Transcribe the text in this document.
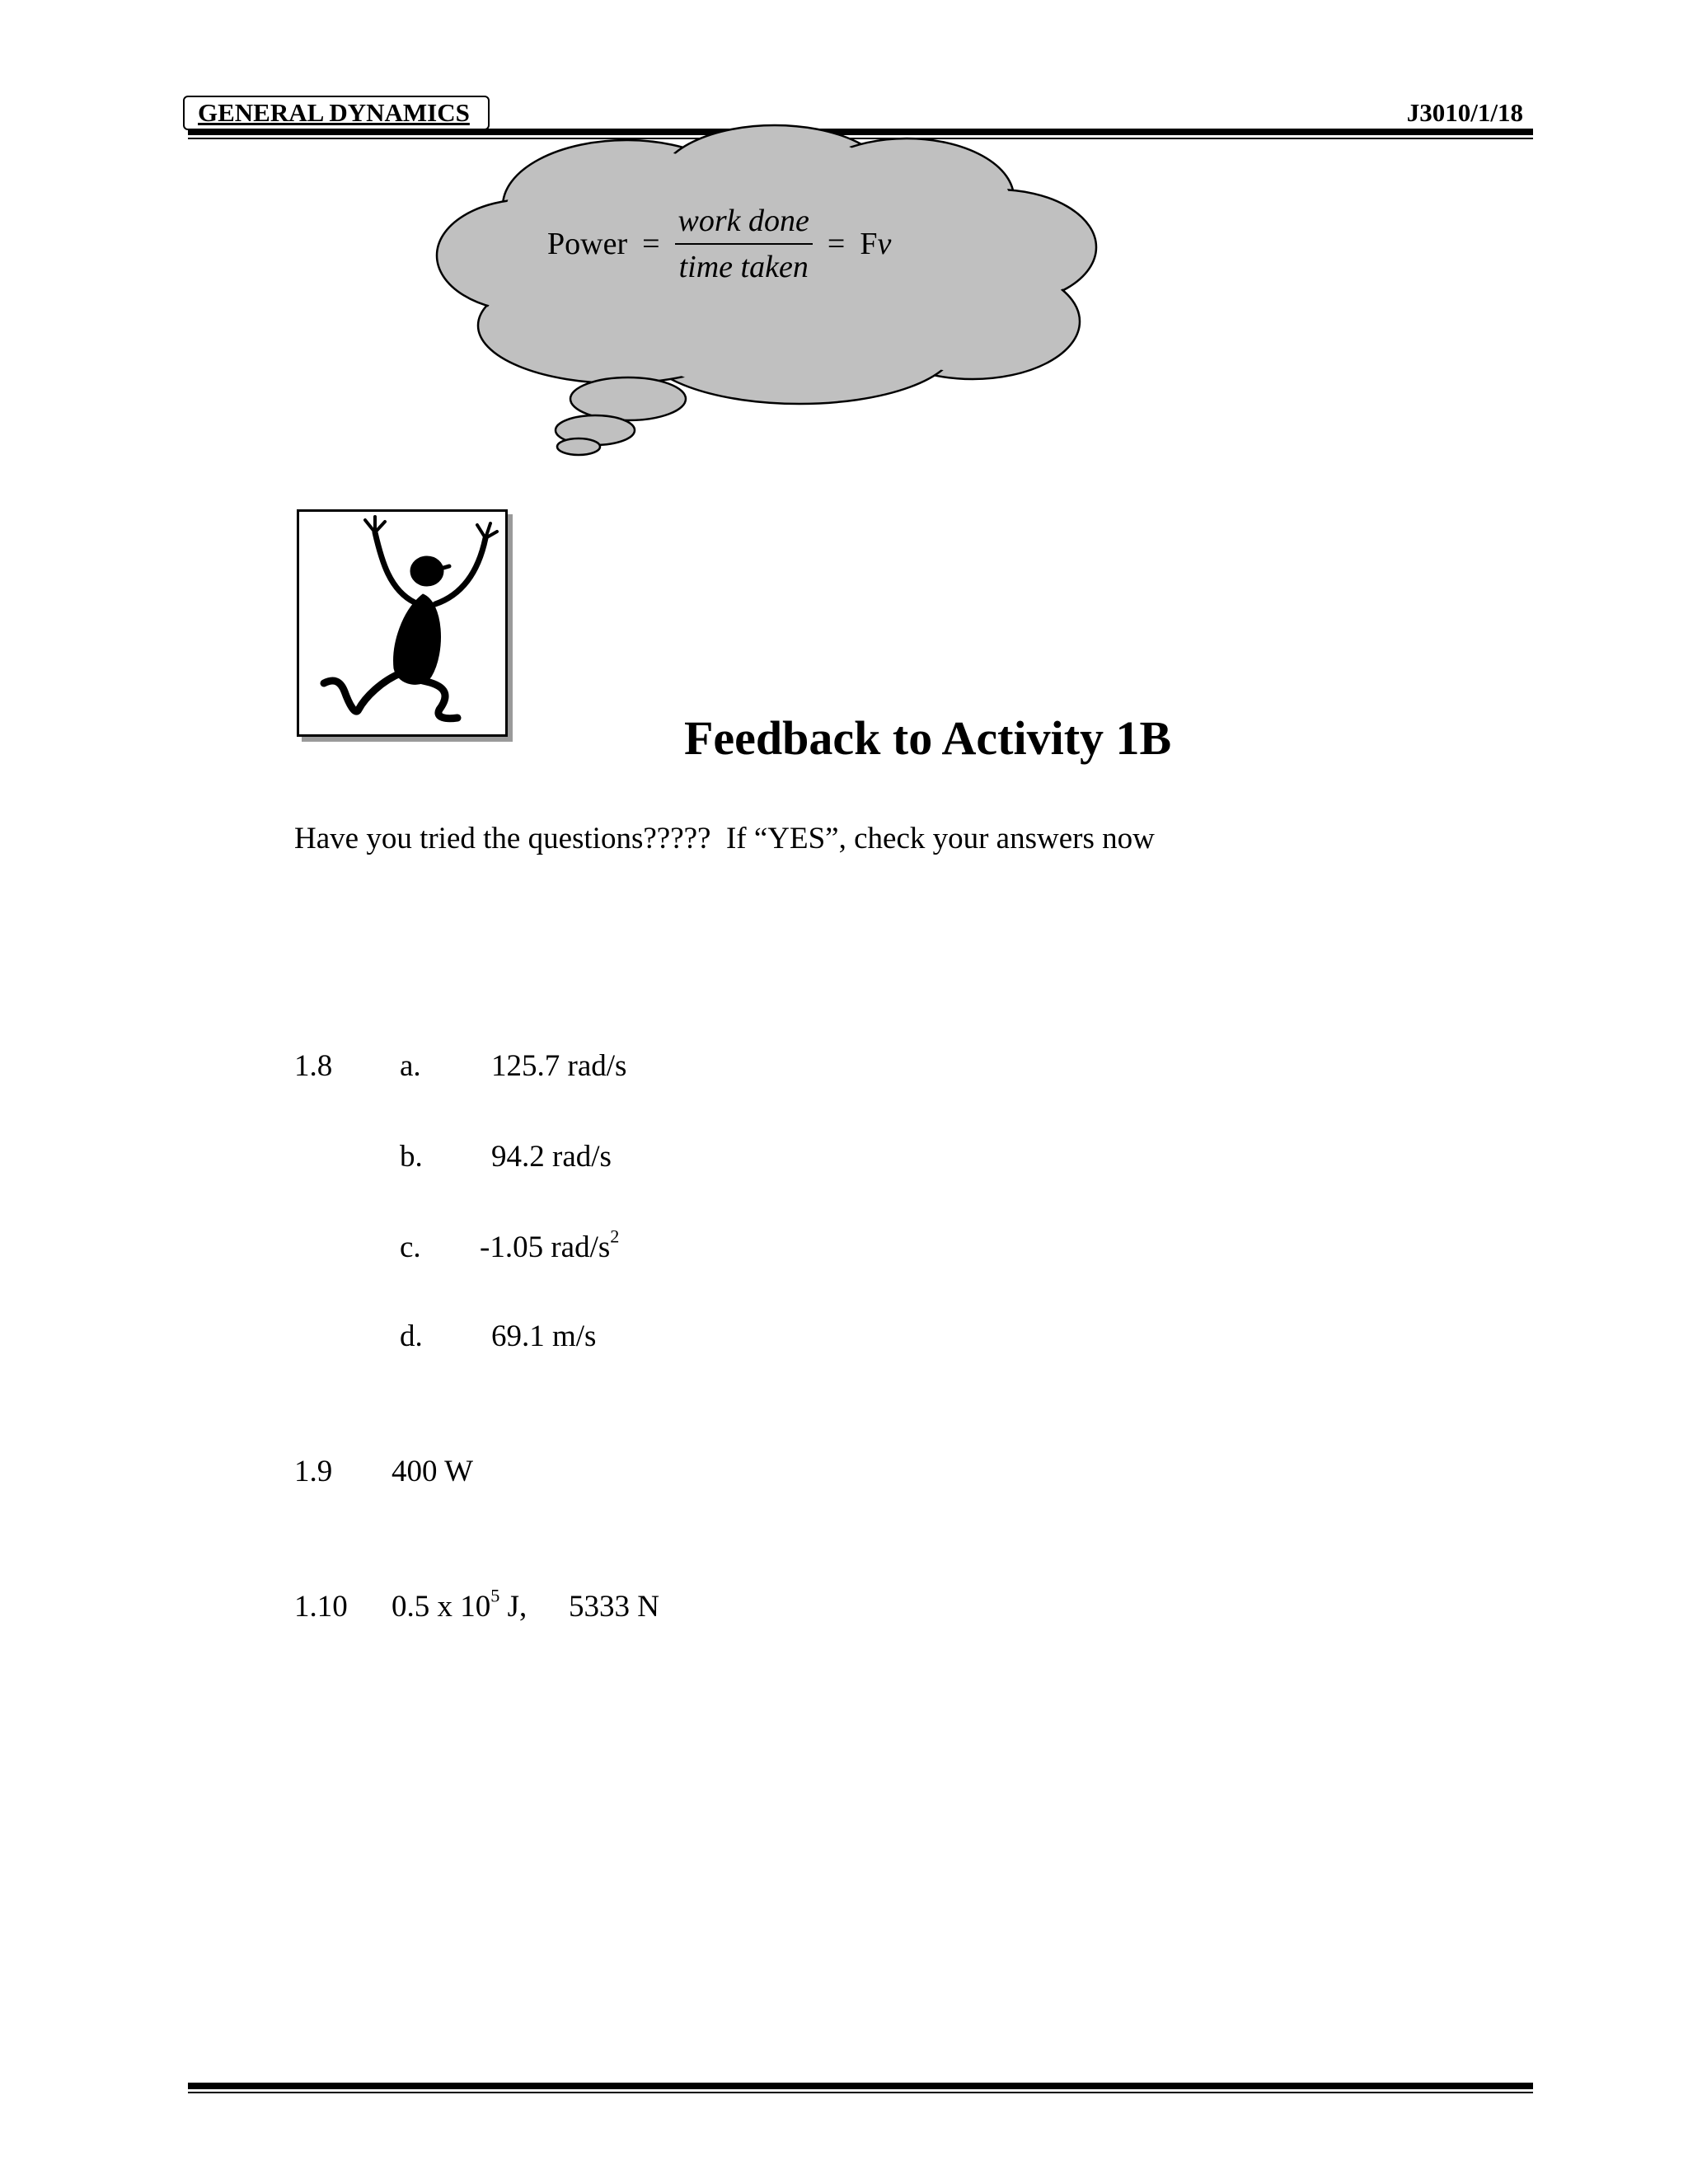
GENERAL DYNAMICS	J3010/1/18
Power = $\frac{\text{work done}}{\text{time taken}} = Fv$
Feedback to Activity 1B
Have you tried the questions?????  If “YES”, check your answers now
1.8 a. 125.7 rad/s
b. 94.2 rad/s
c. -1.05 rad/$s^2$
d. 69.1 m/s
1.9 400 W
1.10 0.5 x $10^5$ J, 5333 N
